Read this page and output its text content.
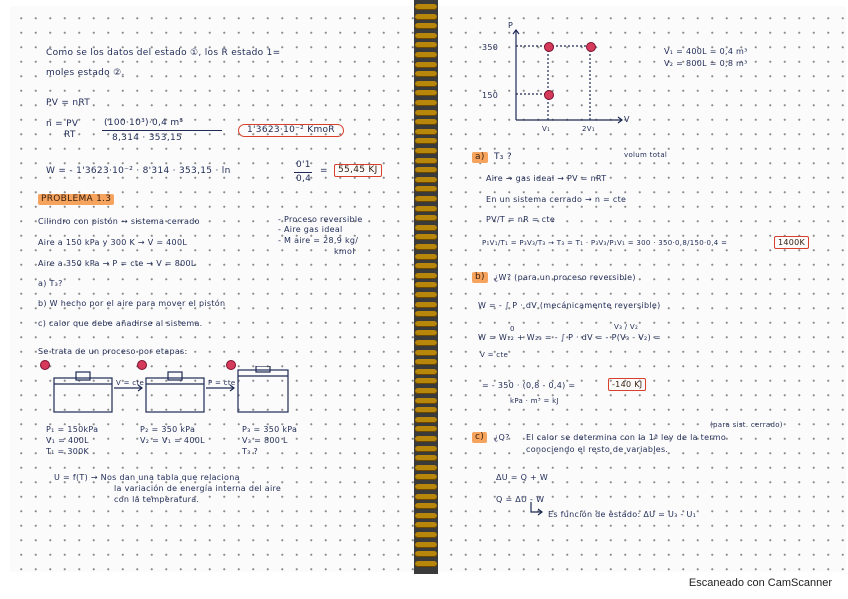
Como se los datos del estado ①, los R estado 1=
moles estado ②.
PV = nRT
n = PV
RT
(100·10³)·0,4 m³
8,314 · 353,15
1'3623·10⁻² KmoR
W = - 1'3623·10⁻² · 8'314 · 353,15 · ln
0'1
0,4
=	55,45 KJ
PROBLEMA 1.3
Cilindro con pistón → sistema cerrado	- Proceso reversible
- Aire gas ideal
Aire a 150 kPa y 300 K → V = 400L	- M aire = 28,9 kg/
kmol
Aire a 350 kPa → P = cte → V = 800L
a) T₃?
b) W hecho por el aire para mover el pistón
c) calor que debe añadirse al sistema.
Se trata de un proceso por etapas:
V = cte	P = cte
P₁ = 150kPa
V₁ = 400L
T₁ = 300K
P₂ = 350 kPa
V₂ = V₁ = 400L
P₃ = 350 kPa
V₃ = 800 L
T₃ ?
U = f(T) → Nos dan una tabla que relaciona
la variación de energía interna del aire
con la temperatura.
P
V
350
150
V₁	2V₁
V₁ = 400L = 0,4 m³
V₂ = 800L = 0,8 m³
a)	T₃ ?	volum total
Aire → gas ideal → PV = nRT
En un sistema cerrado → n = cte
PV/T = nR = cte
P₁V₁/T₁ = P₃V₃/T₃ → T₃ = T₁ · P₃V₃/P₁V₁ = 300 · 350·0,8/150·0,4 =	1400K
b)	¿W? (para un proceso reversible)
W = - ∫ P · dV (mecánicamente reversible)
W = W₁₂ + W₂₃ = - ∫ P · dV = - P(V₃ - V₂) =
0	V₃ / V₂
V = cte
= - 350 · (0,8 - 0,4) =	-140 KJ
kPa · m³ = kJ
c)	¿Q?
(para sist. cerrado)
El calor se determina con la 1ª ley de la termo
conociendo el resto de variables.
ΔU = Q + W
Q = ΔU - W
Es función de estado: ΔU = U₃ - U₁
Escaneado con CamScanner
